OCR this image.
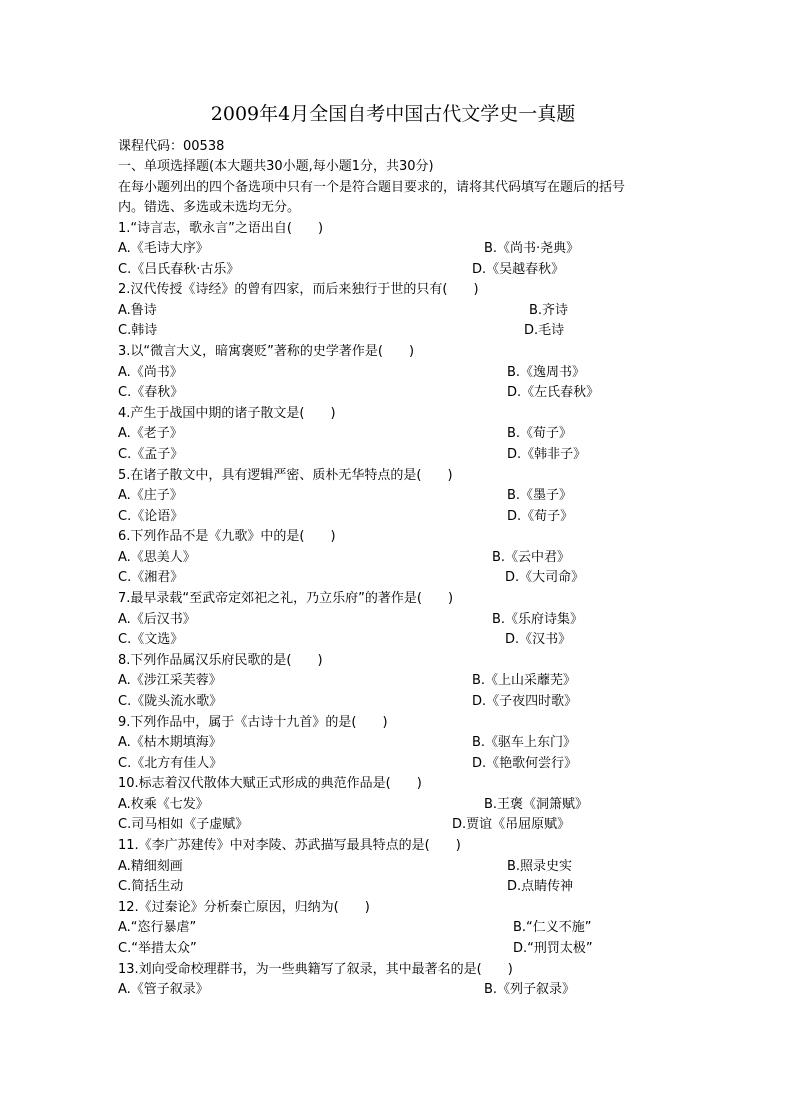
2009年4月全国自考中国古代文学史一真题
课程代码：00538
一、单项选择题(本大题共30小题,每小题1分，共30分)
在每小题列出的四个备选项中只有一个是符合题目要求的，请将其代码填写在题后的括号
内。错选、多选或未选均无分。
1.“诗言志，歌永言”之语出自(　　)
A.《毛诗大序》	B.《尚书·尧典》
C.《吕氏春秋·古乐》	D.《吴越春秋》
2.汉代传授《诗经》的曾有四家，而后来独行于世的只有(　　)
A.鲁诗	B.齐诗
C.韩诗	D.毛诗
3.以“微言大义，暗寓褒贬”著称的史学著作是(　　)
A.《尚书》	B.《逸周书》
C.《春秋》	D.《左氏春秋》
4.产生于战国中期的诸子散文是(　　)
A.《老子》	B.《荀子》
C.《孟子》	D.《韩非子》
5.在诸子散文中，具有逻辑严密、质朴无华特点的是(　　)
A.《庄子》	B.《墨子》
C.《论语》	D.《荀子》
6.下列作品不是《九歌》中的是(　　)
A.《思美人》	B.《云中君》
C.《湘君》	D.《大司命》
7.最早录载“至武帝定郊祀之礼，乃立乐府”的著作是(　　)
A.《后汉书》	B.《乐府诗集》
C.《文选》	D.《汉书》
8.下列作品属汉乐府民歌的是(　　)
A.《涉江采芙蓉》	B.《上山采蘼芜》
C.《陇头流水歌》	D.《子夜四时歌》
9.下列作品中，属于《古诗十九首》的是(　　)
A.《枯木期填海》	B.《驱车上东门》
C.《北方有佳人》	D.《艳歌何尝行》
10.标志着汉代散体大赋正式形成的典范作品是(　　)
A.枚乘《七发》	B.王褒《洞箫赋》
C.司马相如《子虚赋》	D.贾谊《吊屈原赋》
11.《李广苏建传》中对李陵、苏武描写最具特点的是(　　)
A.精细刻画	B.照录史实
C.简括生动	D.点睛传神
12.《过秦论》分析秦亡原因，归纳为(　　)
A.“恣行暴虐”	B.“仁义不施”
C.“举措太众”	D.“刑罚太极”
13.刘向受命校理群书，为一些典籍写了叙录，其中最著名的是(　　)
A.《管子叙录》	B.《列子叙录》
